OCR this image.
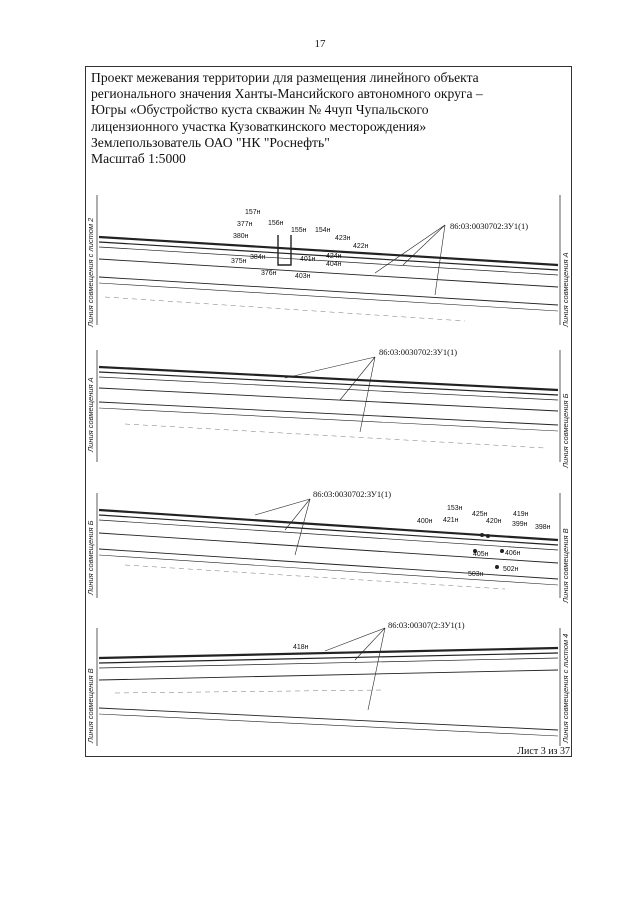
17
Проект межевания территории для размещения линейного объекта
регионального значения Ханты-Мансийского автономного округа –
Югры «Обустройство куста скважин № 4чуп Чупальского
лицензионного участка Кузоваткинского месторождения»
Землепользователь ОАО "НК "Роснефть"
Масштаб 1:5000
Линия совмещения с листом 2	Линия совмещения А
86:03:0030702:ЗУ1(1)
157н
156н
377н
380н
155н 154н
423н
422н
384н
375н	401н 424н
404н
376н	403н
Линия совмещения А	Линия совмещения Б
86:03:0030702:ЗУ1(1)
Линия совмещения Б	Линия совмещения В
86:03:0030702:ЗУ1(1)
153н
425н	419н
400н 421н	420н 399н 398н
405н 406н
502н
503н
Линия совмещения В	Линия совмещения с листом 4
86:03:00307(2:ЗУ1(1)
418н
Лист 3 из 37
